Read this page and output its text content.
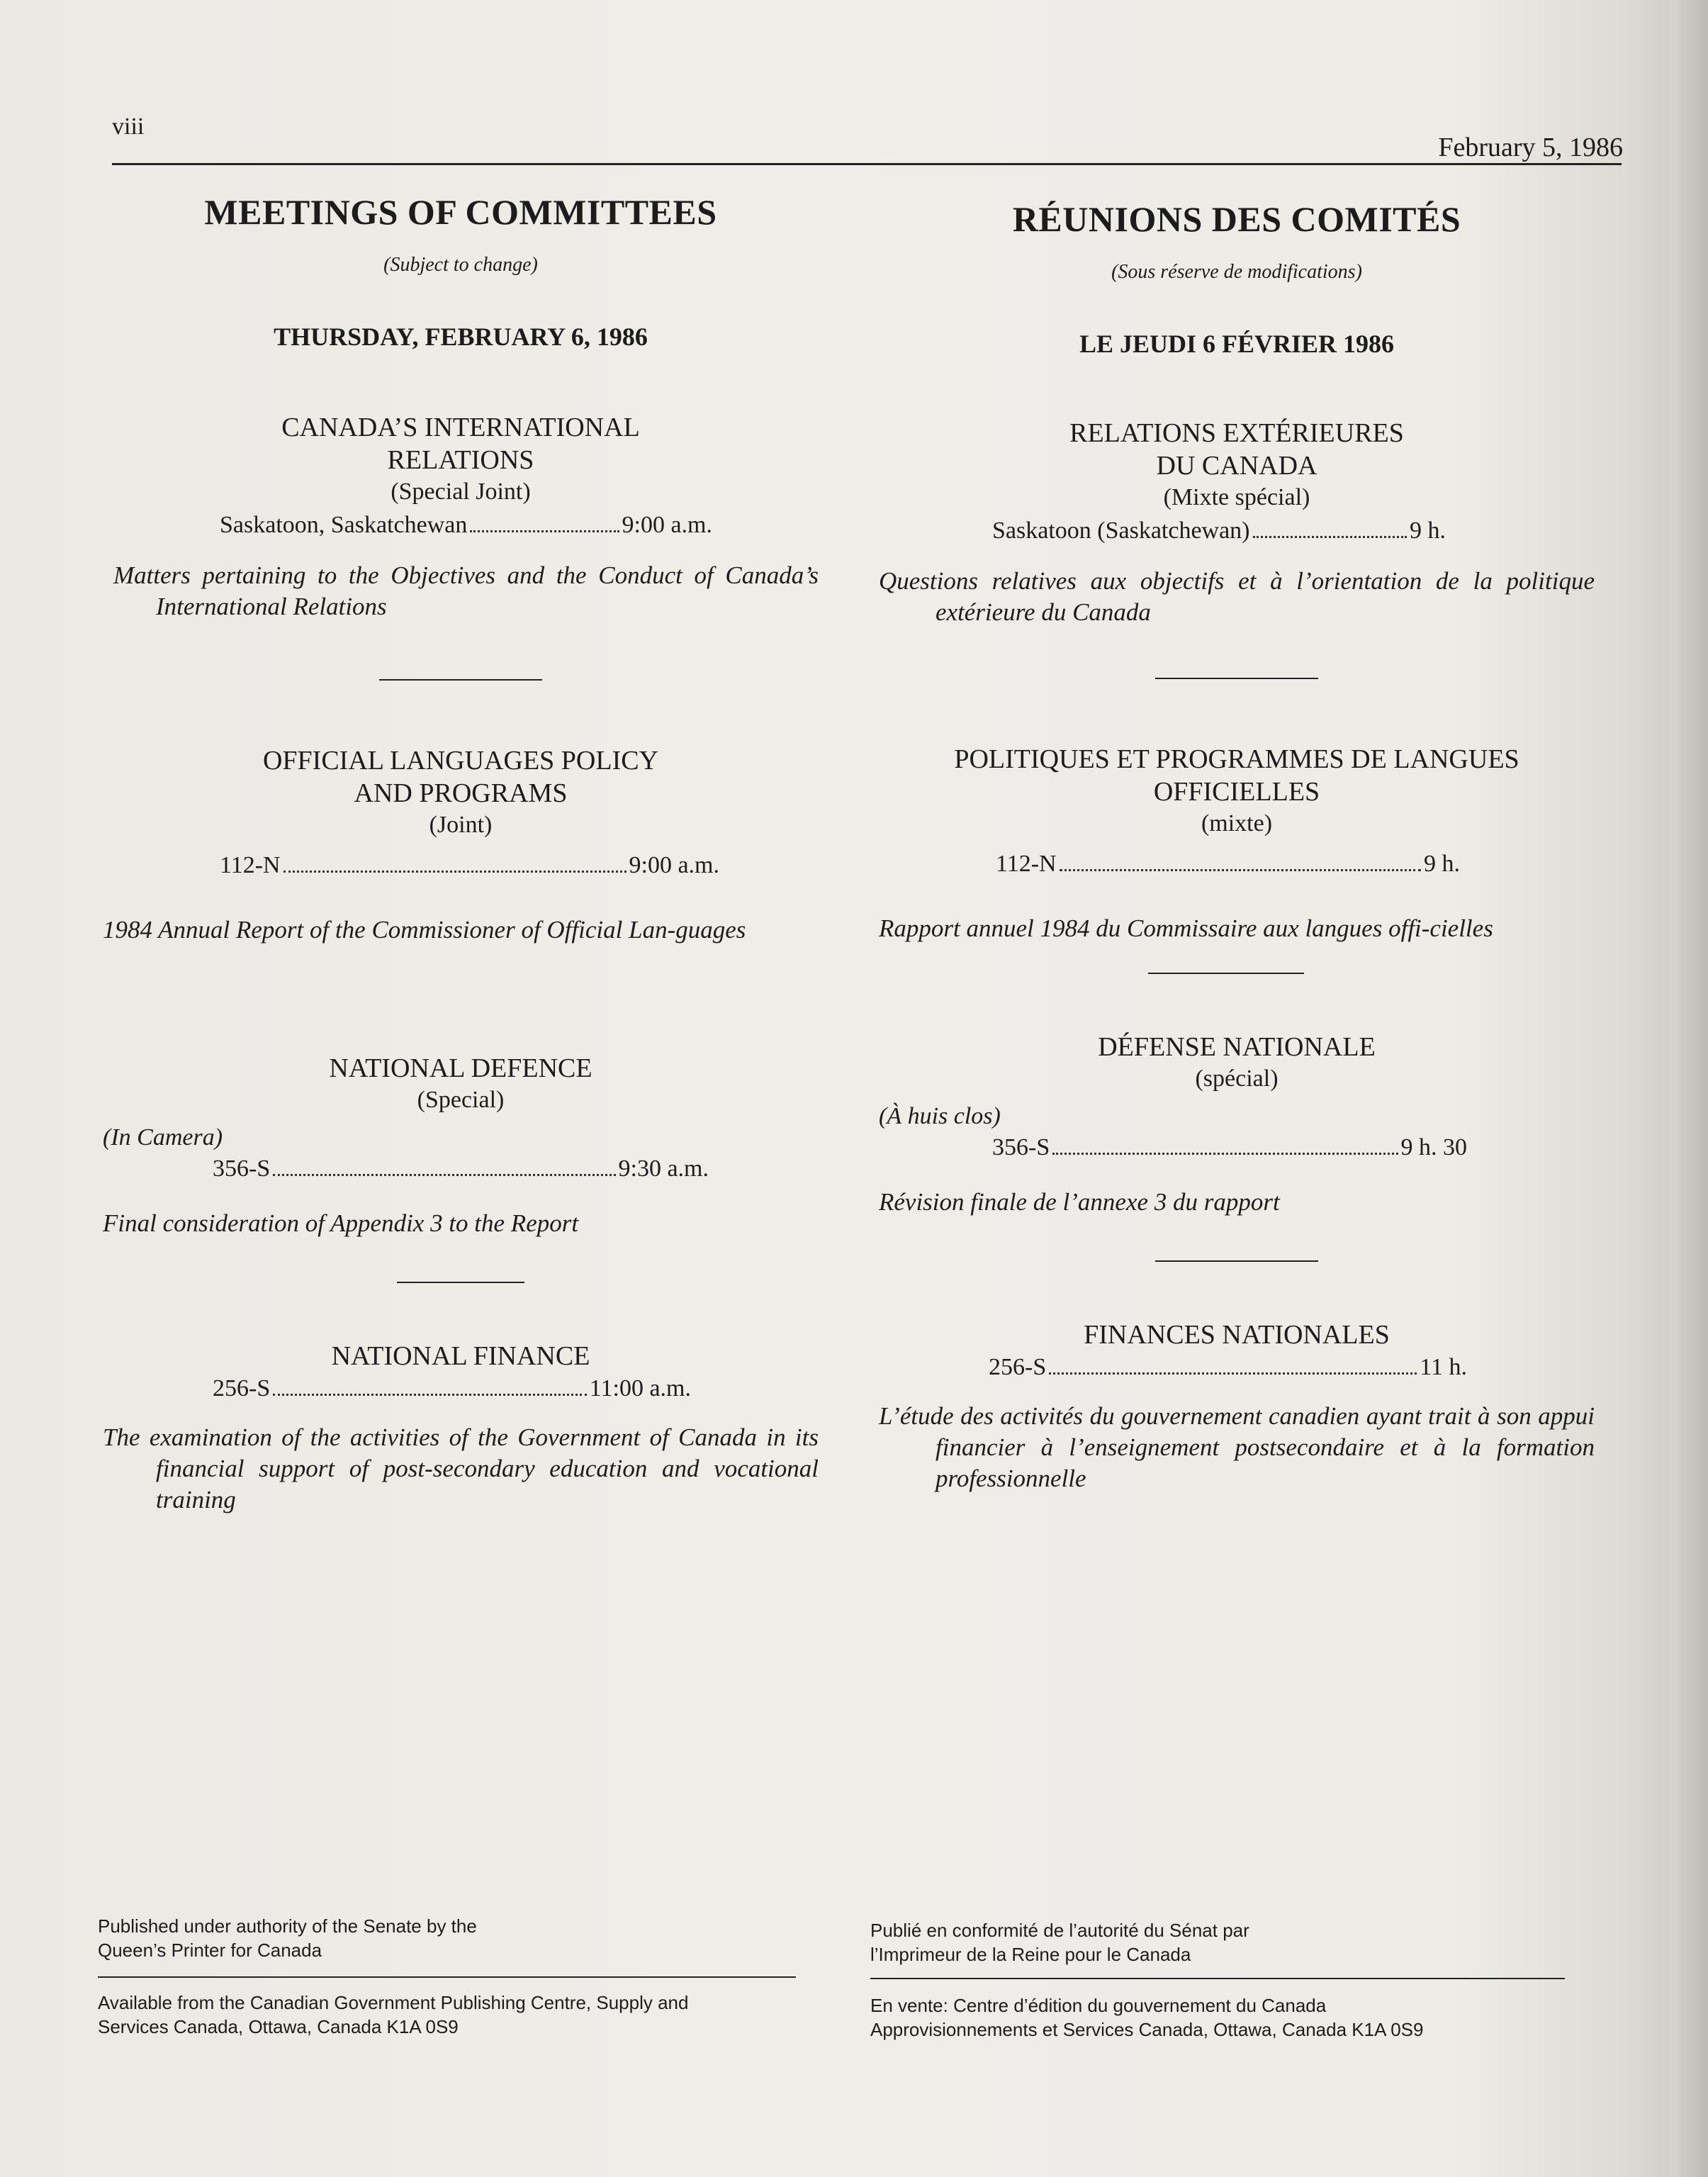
viii
February 5, 1986
MEETINGS OF COMMITTEES
(Subject to change)
THURSDAY, FEBRUARY 6, 1986
CANADA’S INTERNATIONAL
RELATIONS
(Special Joint)
Saskatoon, Saskatchewan	9:00 a.m.
Matters pertaining to the Objectives and the Conduct of Canada’s International Relations
OFFICIAL LANGUAGES POLICY
AND PROGRAMS
(Joint)
112-N	9:00 a.m.
1984 Annual Report of the Commissioner of Official Lan-guages
NATIONAL DEFENCE
(Special)
(In Camera)
356-S	9:30 a.m.
Final consideration of Appendix 3 to the Report
NATIONAL FINANCE
256-S	11:00 a.m.
The examination of the activities of the Government of Canada in its financial support of post-secondary education and vocational training
RÉUNIONS DES COMITÉS
(Sous réserve de modifications)
LE JEUDI 6 FÉVRIER 1986
RELATIONS EXTÉRIEURES
DU CANADA
(Mixte spécial)
Saskatoon (Saskatchewan)	9 h.
Questions relatives aux objectifs et à l’orientation de la politique extérieure du Canada
POLITIQUES ET PROGRAMMES DE LANGUES
OFFICIELLES
(mixte)
112-N	9 h.
Rapport annuel 1984 du Commissaire aux langues offi-cielles
DÉFENSE NATIONALE
(spécial)
(À huis clos)
356-S	9 h. 30
Révision finale de l’annexe 3 du rapport
FINANCES NATIONALES
256-S	11 h.
L’étude des activités du gouvernement canadien ayant trait à son appui financier à l’enseignement postsecondaire et à la formation professionnelle
Published under authority of the Senate by the
Queen’s Printer for Canada
Available from the Canadian Government Publishing Centre, Supply and
Services Canada, Ottawa, Canada K1A 0S9
Publié en conformité de l’autorité du Sénat par
l’Imprimeur de la Reine pour le Canada
En vente: Centre d’édition du gouvernement du Canada
Approvisionnements et Services Canada, Ottawa, Canada K1A 0S9
